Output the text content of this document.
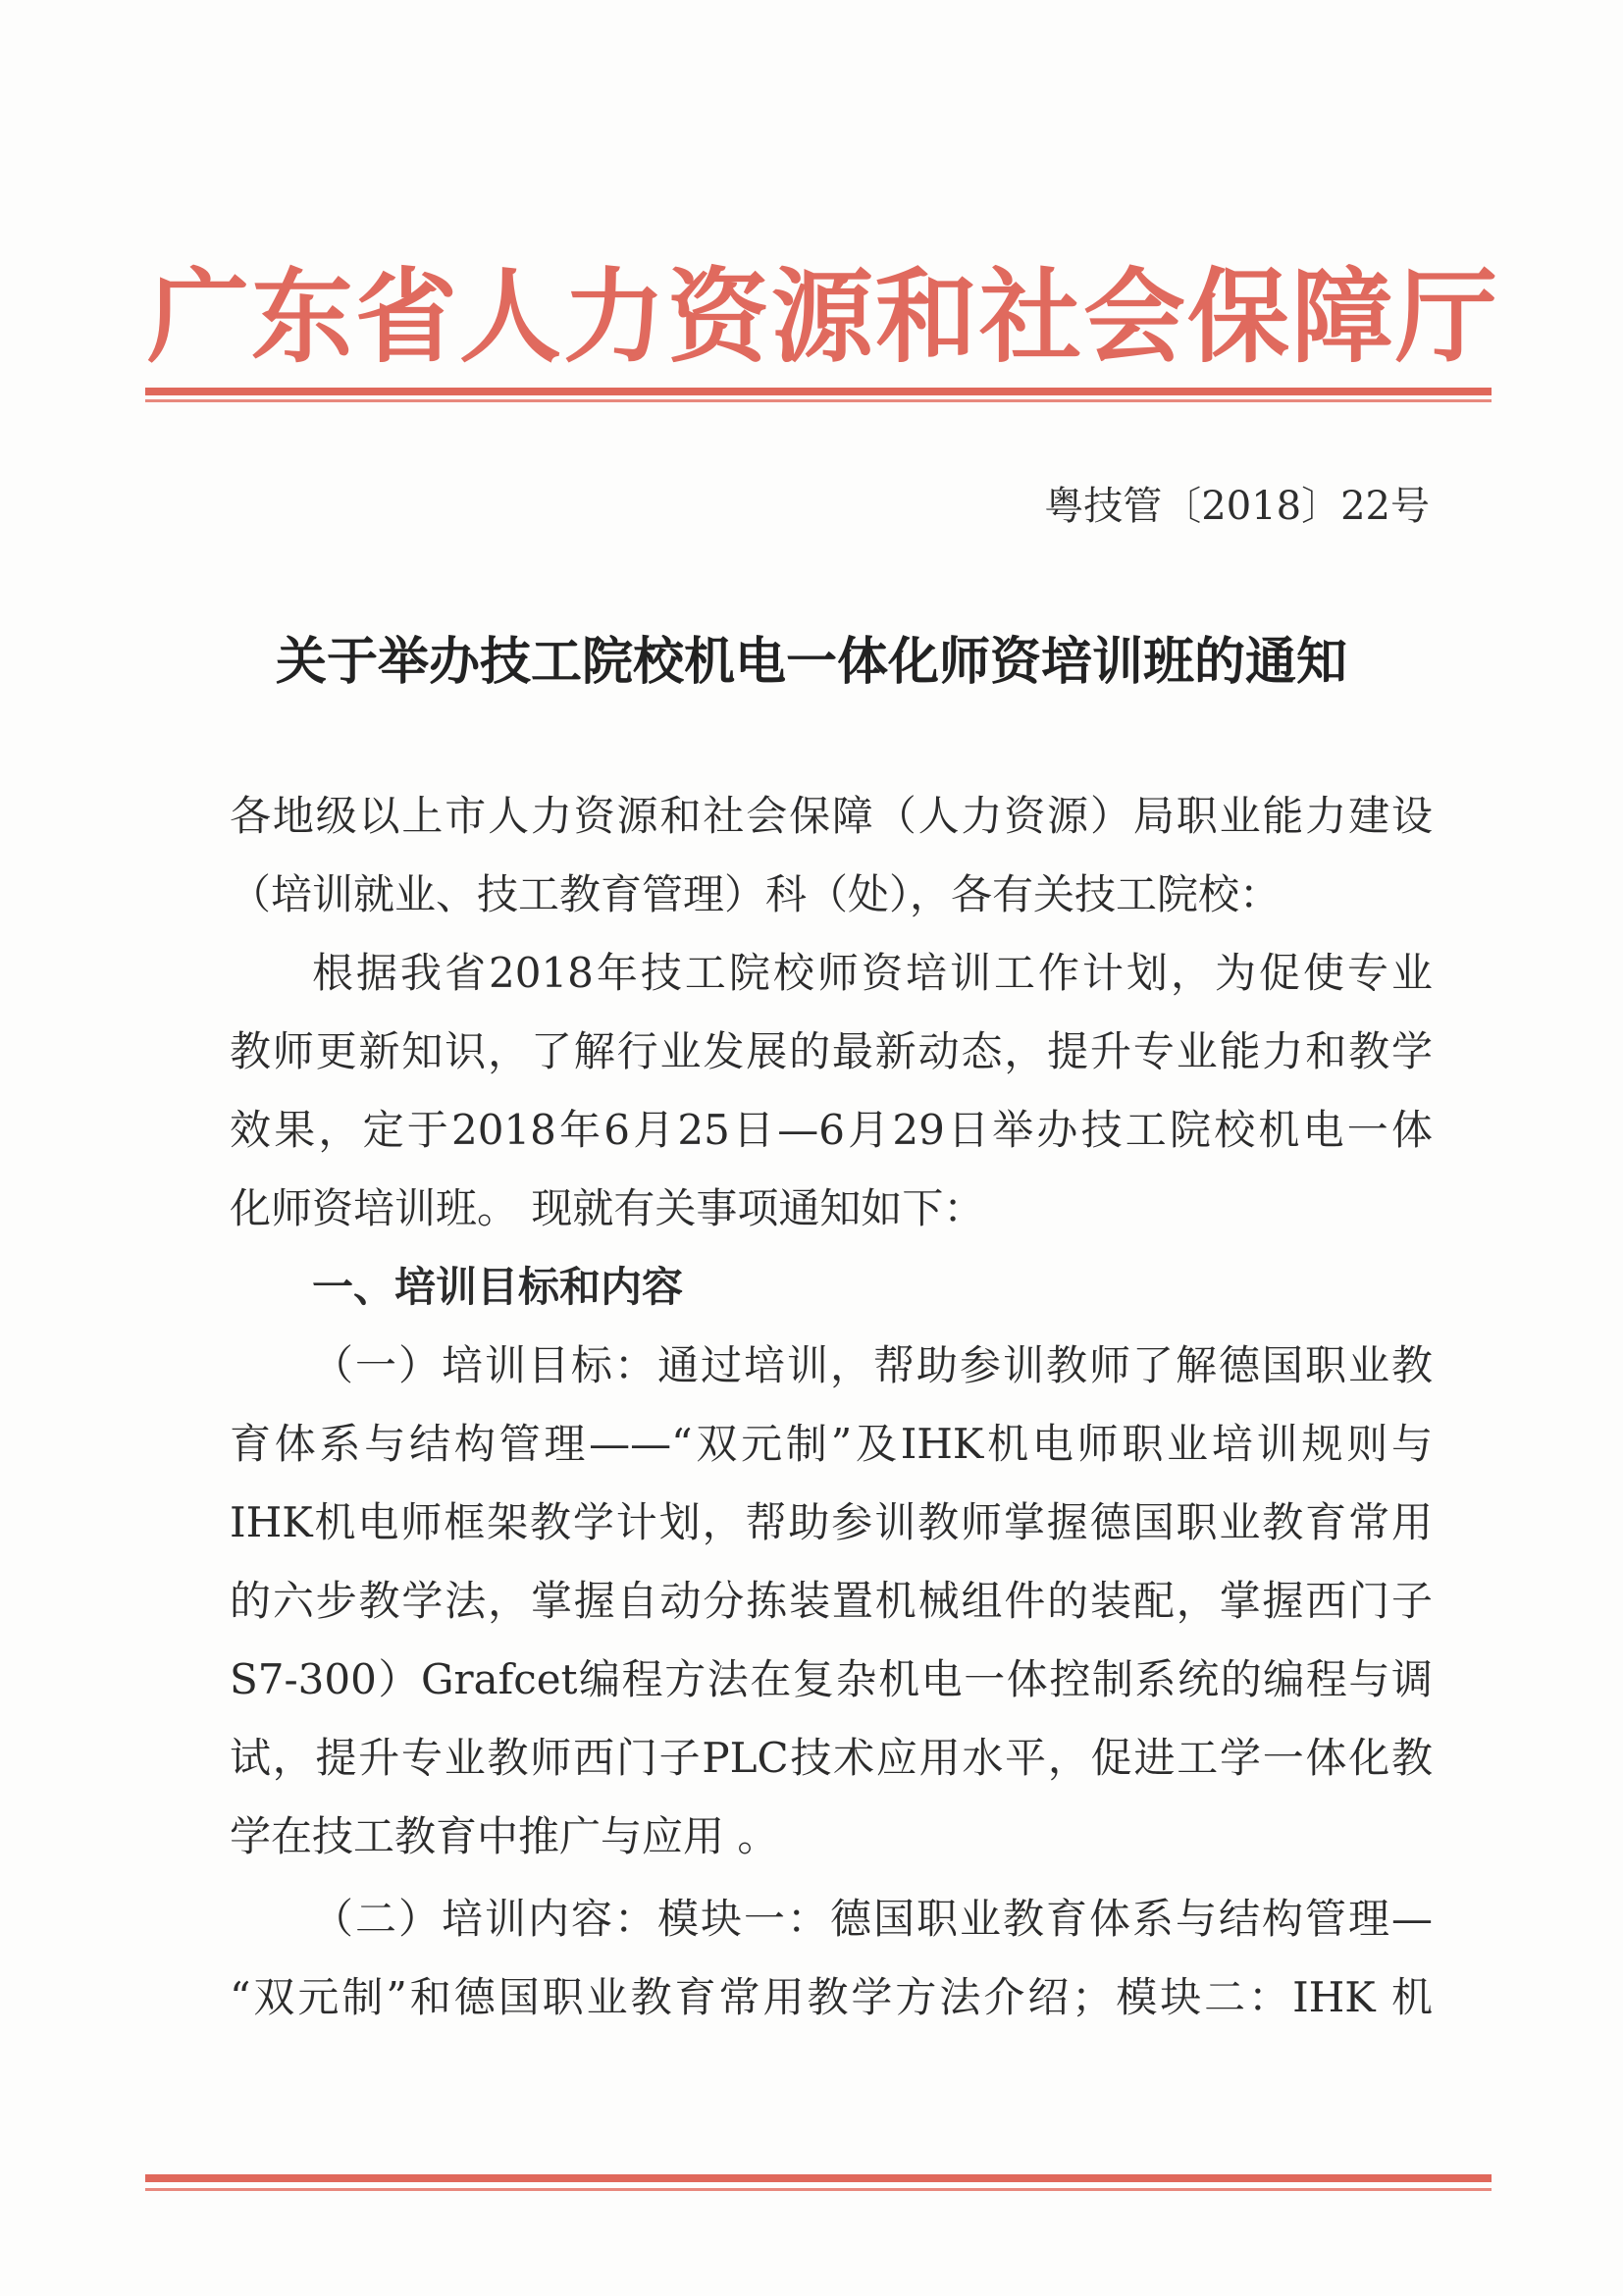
广东省人力资源和社会保障厅
粤技管〔2018〕22号
关于举办技工院校机电一体化师资培训班的通知
各地级以上市人力资源和社会保障（人力资源）局职业能力建设
（培训就业、技工教育管理）科（处），各有关技工院校：
根据我省2018年技工院校师资培训工作计划，为促使专业
教师更新知识，了解行业发展的最新动态，提升专业能力和教学
效果，定于2018年6月25日—6月29日举办技工院校机电一体
化师资培训班。 现就有关事项通知如下：
一、培训目标和内容
（一）培训目标：通过培训，帮助参训教师了解德国职业教
育体系与结构管理——“双元制”及IHK机电师职业培训规则与
IHK机电师框架教学计划，帮助参训教师掌握德国职业教育常用
的六步教学法，掌握自动分拣装置机械组件的装配，掌握西门子
S7-300）Grafcet编程方法在复杂机电一体控制系统的编程与调
试，提升专业教师西门子PLC技术应用水平，促进工学一体化教
学在技工教育中推广与应用 。
（二）培训内容：模块一：德国职业教育体系与结构管理—
“双元制”和德国职业教育常用教学方法介绍；模块二：IHK 机
